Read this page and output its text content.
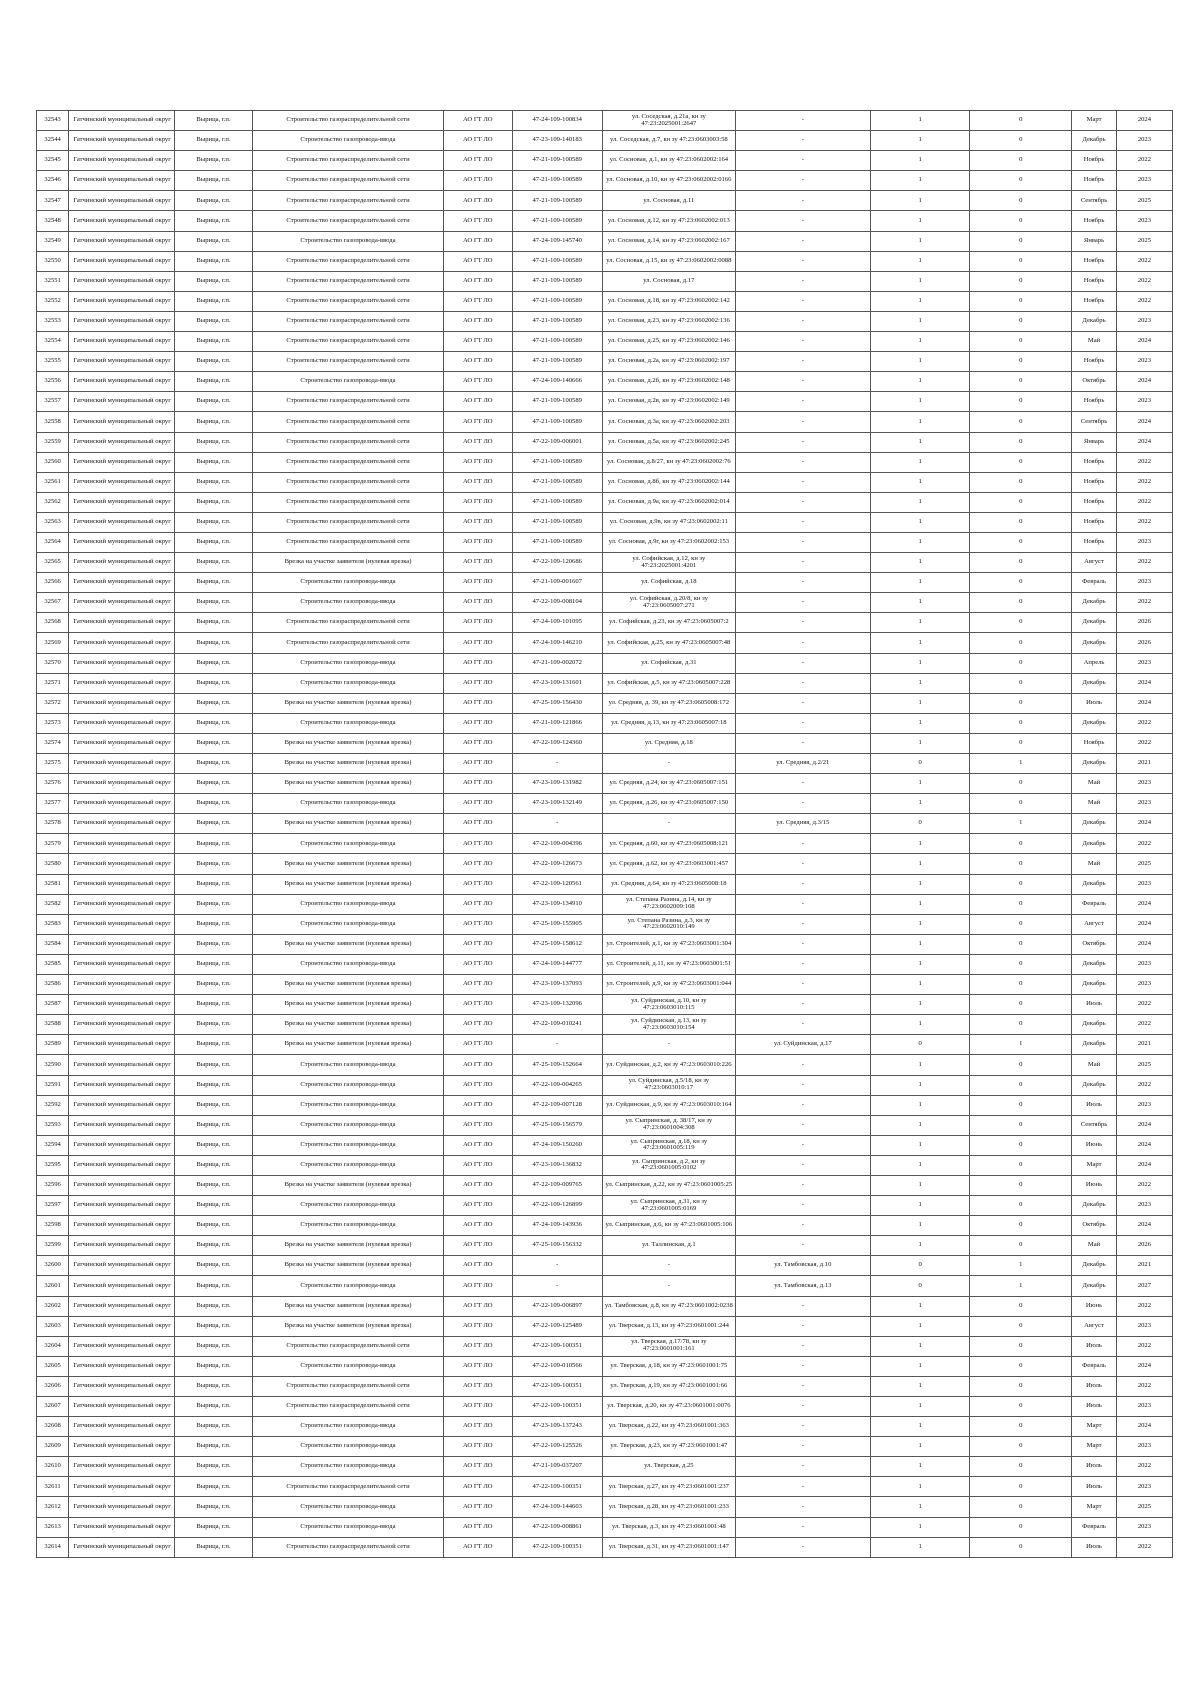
32543	Гатчинский муниципальный округ	Вырица, г.п.	Строительство газораспределительной сети	АО ГТ ЛО	47-24-109-100834	ул. Соседская, д.21а, кн зу 47:23:2025001:2647	-	1	0	Март	2024
32544	Гатчинский муниципальный округ	Вырица, г.п.	Строительство газопровода-ввода	АО ГТ ЛО	47-23-109-140183	ул. Соседская, д.7, кн зу 47:23:0603003:58	-	1	0	Декабрь	2023
32545	Гатчинский муниципальный округ	Вырица, г.п.	Строительство газораспределительной сети	АО ГТ ЛО	47-21-109-100589	ул. Сосновая, д.1, кн зу 47:23:0602002:164	-	1	0	Ноябрь	2022
32546	Гатчинский муниципальный округ	Вырица, г.п.	Строительство газораспределительной сети	АО ГТ ЛО	47-21-109-100589	ул. Сосновая, д.10, кн зу 47:23:0602002:0166	-	1	0	Ноябрь	2023
32547	Гатчинский муниципальный округ	Вырица, г.п.	Строительство газораспределительной сети	АО ГТ ЛО	47-21-109-100589	ул. Сосновая, д.11	-	1	0	Сентябрь	2025
32548	Гатчинский муниципальный округ	Вырица, г.п.	Строительство газораспределительной сети	АО ГТ ЛО	47-21-109-100589	ул. Сосновая, д.12, кн зу 47:23:0602002:013	-	1	0	Ноябрь	2023
32549	Гатчинский муниципальный округ	Вырица, г.п.	Строительство газопровода-ввода	АО ГТ ЛО	47-24-109-145740	ул. Сосновая, д.14, кн зу 47:23:0602002:167	-	1	0	Январь	2025
32550	Гатчинский муниципальный округ	Вырица, г.п.	Строительство газораспределительной сети	АО ГТ ЛО	47-21-109-100589	ул. Сосновая, д.15, кн зу 47:23:0602002:0088	-	1	0	Ноябрь	2022
32551	Гатчинский муниципальный округ	Вырица, г.п.	Строительство газораспределительной сети	АО ГТ ЛО	47-21-109-100589	ул. Сосновая, д.17	-	1	0	Ноябрь	2022
32552	Гатчинский муниципальный округ	Вырица, г.п.	Строительство газораспределительной сети	АО ГТ ЛО	47-21-109-100589	ул. Сосновая, д.18, кн зу 47:23:0602002:142	-	1	0	Ноябрь	2022
32553	Гатчинский муниципальный округ	Вырица, г.п.	Строительство газораспределительной сети	АО ГТ ЛО	47-21-109-100589	ул. Сосновая, д.23, кн зу 47:23:0602002:136	-	1	0	Декабрь	2023
32554	Гатчинский муниципальный округ	Вырица, г.п.	Строительство газораспределительной сети	АО ГТ ЛО	47-21-109-100589	ул. Сосновая, д.25, кн зу 47:23:0602002:146	-	1	0	Май	2024
32555	Гатчинский муниципальный округ	Вырица, г.п.	Строительство газораспределительной сети	АО ГТ ЛО	47-21-109-100589	ул. Сосновая, д.2а, кн зу 47:23:0602002:197	-	1	0	Ноябрь	2023
32556	Гатчинский муниципальный округ	Вырица, г.п.	Строительство газопровода-ввода	АО ГТ ЛО	47-24-109-140666	ул. Сосновая, д.2б, кн зу 47:23:0602002:148	-	1	0	Октябрь	2024
32557	Гатчинский муниципальный округ	Вырица, г.п.	Строительство газораспределительной сети	АО ГТ ЛО	47-21-109-100589	ул. Сосновая, д.2в, кн зу 47:23:0602002:149	-	1	0	Ноябрь	2023
32558	Гатчинский муниципальный округ	Вырица, г.п.	Строительство газораспределительной сети	АО ГТ ЛО	47-21-109-100589	ул. Сосновая, д.3а, кн зу 47:23:0602002:203	-	1	0	Сентябрь	2024
32559	Гатчинский муниципальный округ	Вырица, г.п.	Строительство газораспределительной сети	АО ГТ ЛО	47-22-109-006001	ул. Сосновая, д.5а, кн зу 47:23:0602002:245	-	1	0	Январь	2024
32560	Гатчинский муниципальный округ	Вырица, г.п.	Строительство газораспределительной сети	АО ГТ ЛО	47-21-109-100589	ул. Сосновая, д.8/27, кн зу 47:23:0602002:76	-	1	0	Ноябрь	2022
32561	Гатчинский муниципальный округ	Вырица, г.п.	Строительство газораспределительной сети	АО ГТ ЛО	47-21-109-100589	ул. Сосновая, д.8б, кн зу 47:23:0602002:144	-	1	0	Ноябрь	2022
32562	Гатчинский муниципальный округ	Вырица, г.п.	Строительство газораспределительной сети	АО ГТ ЛО	47-21-109-100589	ул. Сосновая, д.9а, кн зу 47:23:0602002:014	-	1	0	Ноябрь	2022
32563	Гатчинский муниципальный округ	Вырица, г.п.	Строительство газораспределительной сети	АО ГТ ЛО	47-21-109-100589	ул. Сосновая, д.9в, кн зу 47:23:0602002:11	-	1	0	Ноябрь	2022
32564	Гатчинский муниципальный округ	Вырица, г.п.	Строительство газораспределительной сети	АО ГТ ЛО	47-21-109-100589	ул. Сосновая, д.9г, кн зу 47:23:0602002:153	-	1	0	Ноябрь	2023
32565	Гатчинский муниципальный округ	Вырица, г.п.	Врезка на участке заявителя (нулевая врезка)	АО ГТ ЛО	47-22-109-120686	ул. Софийская, д.12, кн зу 47:23:2025001:4201	-	1	0	Август	2022
32566	Гатчинский муниципальный округ	Вырица, г.п.	Строительство газопровода-ввода	АО ГТ ЛО	47-21-109-001607	ул. Софийская, д.18	-	1	0	Февраль	2023
32567	Гатчинский муниципальный округ	Вырица, г.п.	Строительство газопровода-ввода	АО ГТ ЛО	47-22-109-008104	ул. Софийская, д.20/8, кн зу 47:23:0605007:271	-	1	0	Декабрь	2022
32568	Гатчинский муниципальный округ	Вырица, г.п.	Строительство газораспределительной сети	АО ГТ ЛО	47-24-109-101095	ул. Софийская, д.23, кн зу 47:23:0605007:2	-	1	0	Декабрь	2026
32569	Гатчинский муниципальный округ	Вырица, г.п.	Строительство газораспределительной сети	АО ГТ ЛО	47-24-109-146210	ул. Софийская, д.25, кн зу 47:23:0605007:48	-	1	0	Декабрь	2026
32570	Гатчинский муниципальный округ	Вырица, г.п.	Строительство газопровода-ввода	АО ГТ ЛО	47-21-109-002072	ул. Софийская, д.31	-	1	0	Апрель	2023
32571	Гатчинский муниципальный округ	Вырица, г.п.	Строительство газопровода-ввода	АО ГТ ЛО	47-23-109-131601	ул. Софийская, д.5, кн зу 47:23:0605007:228	-	1	0	Декабрь	2024
32572	Гатчинский муниципальный округ	Вырица, г.п.	Врезка на участке заявителя (нулевая врезка)	АО ГТ ЛО	47-25-109-156430	ул. Средняя, д. 39, кн зу 47:23:0605008:172	-	1	0	Июль	2024
32573	Гатчинский муниципальный округ	Вырица, г.п.	Строительство газопровода-ввода	АО ГТ ЛО	47-21-109-121866	ул. Средняя, д.13, кн зу 47:23:0605007:18	-	1	0	Декабрь	2022
32574	Гатчинский муниципальный округ	Вырица, г.п.	Врезка на участке заявителя (нулевая врезка)	АО ГТ ЛО	47-22-109-124360	ул. Средняя, д.18	-	1	0	Ноябрь	2022
32575	Гатчинский муниципальный округ	Вырица, г.п.	Врезка на участке заявителя (нулевая врезка)	АО ГТ ЛО	-	-	ул. Средняя, д.2/21	0	1	Декабрь	2021
32576	Гатчинский муниципальный округ	Вырица, г.п.	Врезка на участке заявителя (нулевая врезка)	АО ГТ ЛО	47-23-109-131982	ул. Средняя, д.24, кн зу 47:23:0605007:151	-	1	0	Май	2023
32577	Гатчинский муниципальный округ	Вырица, г.п.	Строительство газопровода-ввода	АО ГТ ЛО	47-23-109-132149	ул. Средняя, д.26, кн зу 47:23:0605007:150	-	1	0	Май	2023
32578	Гатчинский муниципальный округ	Вырица, г.п.	Врезка на участке заявителя (нулевая врезка)	АО ГТ ЛО	-	-	ул. Средняя, д.3/15	0	1	Декабрь	2024
32579	Гатчинский муниципальный округ	Вырица, г.п.	Строительство газопровода-ввода	АО ГТ ЛО	47-22-109-004396	ул. Средняя, д.60, кн зу 47:23:0605008:121	-	1	0	Декабрь	2022
32580	Гатчинский муниципальный округ	Вырица, г.п.	Врезка на участке заявителя (нулевая врезка)	АО ГТ ЛО	47-22-109-126673	ул. Средняя, д.62, кн зу 47:23:0603001:457	-	1	0	Май	2025
32581	Гатчинский муниципальный округ	Вырица, г.п.	Врезка на участке заявителя (нулевая врезка)	АО ГТ ЛО	47-22-109-120561	ул. Средняя, д.64, кн зу 47:23:0605008:18	-	1	0	Декабрь	2023
32582	Гатчинский муниципальный округ	Вырица, г.п.	Строительство газопровода-ввода	АО ГТ ЛО	47-23-109-134910	ул. Степана Разина, д.14, кн зу 47:23:0602009:108	-	1	0	Февраль	2024
32583	Гатчинский муниципальный округ	Вырица, г.п.	Строительство газопровода-ввода	АО ГТ ЛО	47-25-109-155905	ул. Степана Разина, д.3, кн зу 47:23:0602010:149	-	1	0	Август	2024
32584	Гатчинский муниципальный округ	Вырица, г.п.	Врезка на участке заявителя (нулевая врезка)	АО ГТ ЛО	47-25-109-158612	ул. Строителей, д.1, кн зу 47:23:0603001:304	-	1	0	Октябрь	2024
32585	Гатчинский муниципальный округ	Вырица, г.п.	Строительство газопровода-ввода	АО ГТ ЛО	47-24-109-144777	ул. Строителей, д.11, кн зу 47:23:0603001:51	-	1	0	Декабрь	2023
32586	Гатчинский муниципальный округ	Вырица, г.п.	Врезка на участке заявителя (нулевая врезка)	АО ГТ ЛО	47-23-109-137093	ул. Строителей, д.9, кн зу 47:23:0603001:044	-	1	0	Декабрь	2023
32587	Гатчинский муниципальный округ	Вырица, г.п.	Врезка на участке заявителя (нулевая врезка)	АО ГТ ЛО	47-23-109-132096	ул. Суйдинская, д.10, кн зу 47:23:0603010:115	-	1	0	Июль	2022
32588	Гатчинский муниципальный округ	Вырица, г.п.	Врезка на участке заявителя (нулевая врезка)	АО ГТ ЛО	47-22-109-010241	ул. Суйдинская, д.13, кн зу 47:23:0603010:154	-	1	0	Декабрь	2022
32589	Гатчинский муниципальный округ	Вырица, г.п.	Врезка на участке заявителя (нулевая врезка)	АО ГТ ЛО	-	-	ул. Суйдинская, д.17	0	1	Декабрь	2021
32590	Гатчинский муниципальный округ	Вырица, г.п.	Строительство газопровода-ввода	АО ГТ ЛО	47-25-109-152664	ул. Суйдинская, д.2, кн зу 47:23:0603010:226	-	1	0	Май	2025
32591	Гатчинский муниципальный округ	Вырица, г.п.	Строительство газопровода-ввода	АО ГТ ЛО	47-22-109-004265	ул. Суйдинская, д.5/18, кн зу 47:23:0603010:17	-	1	0	Декабрь	2022
32592	Гатчинский муниципальный округ	Вырица, г.п.	Строительство газопровода-ввода	АО ГТ ЛО	47-22-109-007128	ул. Суйдинская, д.9, кн зу 47:23:0603010:164	-	1	0	Июль	2023
32593	Гатчинский муниципальный округ	Вырица, г.п.	Строительство газопровода-ввода	АО ГТ ЛО	47-25-109-156579	ул. Сыпринская, д. 38/17, кн зу 47:23:0601004:308	-	1	0	Сентябрь	2024
32594	Гатчинский муниципальный округ	Вырица, г.п.	Строительство газопровода-ввода	АО ГТ ЛО	47-24-109-150260	ул. Сыпринская, д.18, кн зу 47:23:0601005:119	-	1	0	Июнь	2024
32595	Гатчинский муниципальный округ	Вырица, г.п.	Строительство газопровода-ввода	АО ГТ ЛО	47-23-109-136832	ул. Сыпринская, д.2, кн зу 47:23:0601005:0102	-	1	0	Март	2024
32596	Гатчинский муниципальный округ	Вырица, г.п.	Врезка на участке заявителя (нулевая врезка)	АО ГТ ЛО	47-22-109-009765	ул. Сыпринская, д.22, кн зу 47:23:0601005:25	-	1	0	Июнь	2022
32597	Гатчинский муниципальный округ	Вырица, г.п.	Строительство газопровода-ввода	АО ГТ ЛО	47-22-109-126899	ул. Сыпринская, д.31, кн зу 47:23:0601005:0169	-	1	0	Декабрь	2023
32598	Гатчинский муниципальный округ	Вырица, г.п.	Строительство газопровода-ввода	АО ГТ ЛО	47-24-109-143936	ул. Сыпринская, д.6, кн зу 47:23:0601005:106	-	1	0	Октябрь	2024
32599	Гатчинский муниципальный округ	Вырица, г.п.	Врезка на участке заявителя (нулевая врезка)	АО ГТ ЛО	47-25-109-156332	ул. Таллинская, д.1	-	1	0	Май	2026
32600	Гатчинский муниципальный округ	Вырица, г.п.	Врезка на участке заявителя (нулевая врезка)	АО ГТ ЛО	-	-	ул. Тамбовская, д.10	0	1	Декабрь	2021
32601	Гатчинский муниципальный округ	Вырица, г.п.	Строительство газопровода-ввода	АО ГТ ЛО	-	-	ул. Тамбовская, д.13	0	1	Декабрь	2027
32602	Гатчинский муниципальный округ	Вырица, г.п.	Врезка на участке заявителя (нулевая врезка)	АО ГТ ЛО	47-22-109-006897	ул. Тамбовская, д.8, кн зу 47:23:0601002:0238	-	1	0	Июнь	2022
32603	Гатчинский муниципальный округ	Вырица, г.п.	Врезка на участке заявителя (нулевая врезка)	АО ГТ ЛО	47-22-109-125489	ул. Тверская, д.13, кн зу 47:23:0601001:244	-	1	0	Август	2023
32604	Гатчинский муниципальный округ	Вырица, г.п.	Строительство газораспределительной сети	АО ГТ ЛО	47-22-109-100351	ул. Тверская, д.17/78, кн зу 47:23:0601001:161	-	1	0	Июль	2022
32605	Гатчинский муниципальный округ	Вырица, г.п.	Строительство газопровода-ввода	АО ГТ ЛО	47-22-109-010566	ул. Тверская, д.18, кн зу 47:23:0601001:75	-	1	0	Февраль	2024
32606	Гатчинский муниципальный округ	Вырица, г.п.	Строительство газораспределительной сети	АО ГТ ЛО	47-22-109-100351	ул. Тверская, д.19, кн зу 47:23:0601001:66	-	1	0	Июль	2022
32607	Гатчинский муниципальный округ	Вырица, г.п.	Строительство газораспределительной сети	АО ГТ ЛО	47-22-109-100351	ул. Тверская, д.20, кн зу 47:23:0601001:0076	-	1	0	Июль	2023
32608	Гатчинский муниципальный округ	Вырица, г.п.	Строительство газопровода-ввода	АО ГТ ЛО	47-23-109-137243	ул. Тверская, д.22, кн зу 47:23:0601001:363	-	1	0	Март	2024
32609	Гатчинский муниципальный округ	Вырица, г.п.	Строительство газопровода-ввода	АО ГТ ЛО	47-22-109-125526	ул. Тверская, д.23, кн зу 47:23:0601001:47	-	1	0	Март	2023
32610	Гатчинский муниципальный округ	Вырица, г.п.	Строительство газопровода-ввода	АО ГТ ЛО	47-21-109-037207	ул. Тверская, д.25	-	1	0	Июль	2022
32611	Гатчинский муниципальный округ	Вырица, г.п.	Строительство газораспределительной сети	АО ГТ ЛО	47-22-109-100351	ул. Тверская, д.27, кн зу 47:23:0601001:237	-	1	0	Июль	2023
32612	Гатчинский муниципальный округ	Вырица, г.п.	Строительство газопровода-ввода	АО ГТ ЛО	47-24-109-144603	ул. Тверская, д.28, кн зу 47:23:0601001:233	-	1	0	Март	2025
32613	Гатчинский муниципальный округ	Вырица, г.п.	Строительство газопровода-ввода	АО ГТ ЛО	47-22-109-008861	ул. Тверская, д.3, кн зу 47:23:0601001:48	-	1	0	Февраль	2023
32614	Гатчинский муниципальный округ	Вырица, г.п.	Строительство газораспределительной сети	АО ГТ ЛО	47-22-109-100351	ул. Тверская, д.31, кн зу 47:23:0601001:147	-	1	0	Июль	2022
